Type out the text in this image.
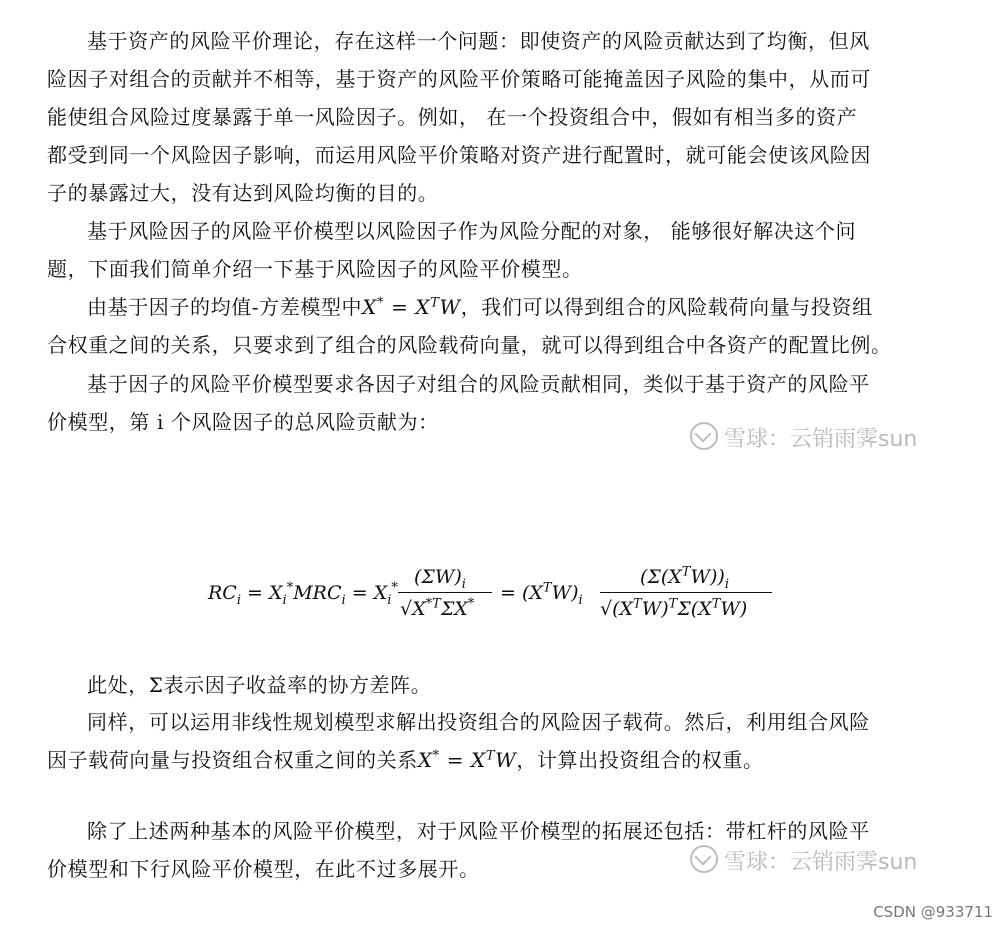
基于资产的风险平价理论，存在这样一个问题：即使资产的风险贡献达到了均衡，但风
险因子对组合的贡献并不相等，基于资产的风险平价策略可能掩盖因子风险的集中，从而可
能使组合风险过度暴露于单一风险因子。例如， 在一个投资组合中，假如有相当多的资产
都受到同一个风险因子影响，而运用风险平价策略对资产进行配置时，就可能会使该风险因
子的暴露过大，没有达到风险均衡的目的。

雪球：云销雨霁sun

基于风险因子的风险平价模型以风险因子作为风险分配的对象， 能够很好解决这个问
题，下面我们简单介绍一下基于风险因子的风险平价模型。

由基于因子的均值-方差模型中$X^* = X^TW$，我们可以得到组合的风险载荷向量与投资组
合权重之间的关系，只要求到了组合的风险载荷向量，就可以得到组合中各资产的配置比例。

基于因子的风险平价模型要求各因子对组合的风险贡献相同，类似于基于资产的风险平
价模型，第 i 个风险因子的总风险贡献为：

$RC_i = X_i^*MRC_i = X_i^*$
$(\Sigma W)_i$
$√X^{*T}\Sigma X^*$
= $(X^TW)_i$
$(\Sigma(X^TW))_i$
$√(X^TW)^T\Sigma(X^TW)$

此处，Σ表示因子收益率的协方差阵。

同样，可以运用非线性规划模型求解出投资组合的风险因子载荷。然后，利用组合风险
因子载荷向量与投资组合权重之间的关系$X^* = X^TW$，计算出投资组合的权重。

除了上述两种基本的风险平价模型，对于风险平价模型的拓展还包括：带杠杆的风险平
价模型和下行风险平价模型，在此不过多展开。	雪球：云销雨霁sun
CSDN @933711
